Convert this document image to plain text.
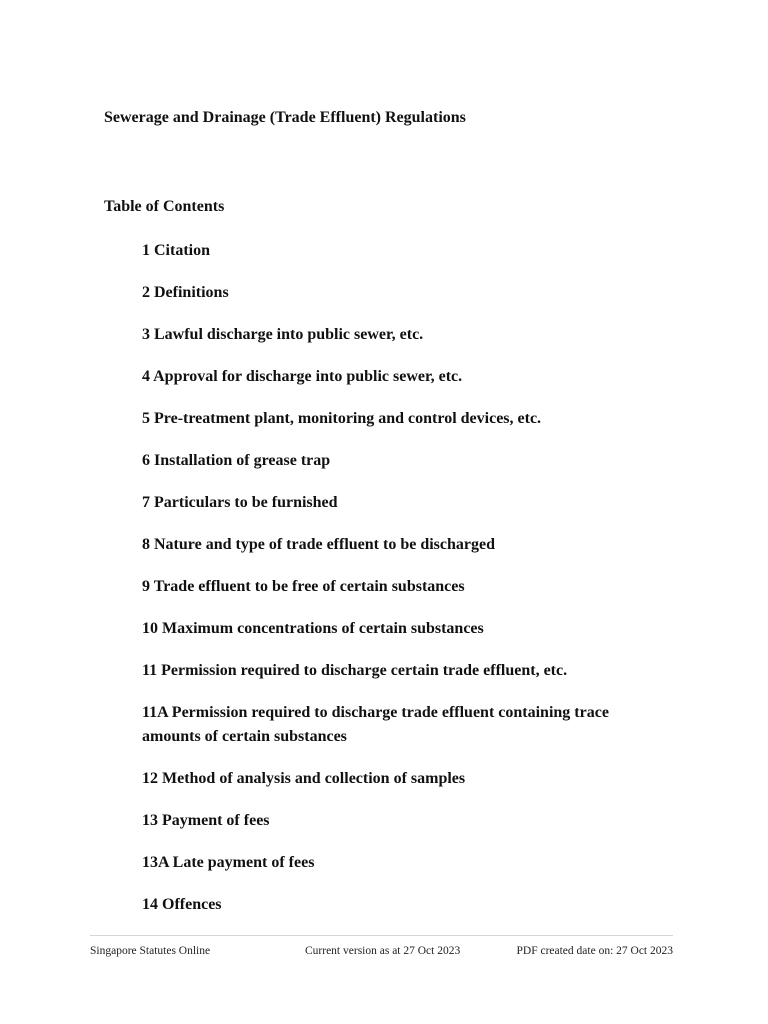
Sewerage and Drainage (Trade Effluent) Regulations
Table of Contents
1 Citation
2 Definitions
3 Lawful discharge into public sewer, etc.
4 Approval for discharge into public sewer, etc.
5 Pre-treatment plant, monitoring and control devices, etc.
6 Installation of grease trap
7 Particulars to be furnished
8 Nature and type of trade effluent to be discharged
9 Trade effluent to be free of certain substances
10 Maximum concentrations of certain substances
11 Permission required to discharge certain trade effluent, etc.
11A Permission required to discharge trade effluent containing trace amounts of certain substances
12 Method of analysis and collection of samples
13 Payment of fees
13A Late payment of fees
14 Offences
Singapore Statutes Online	Current version as at 27 Oct 2023	PDF created date on: 27 Oct 2023
